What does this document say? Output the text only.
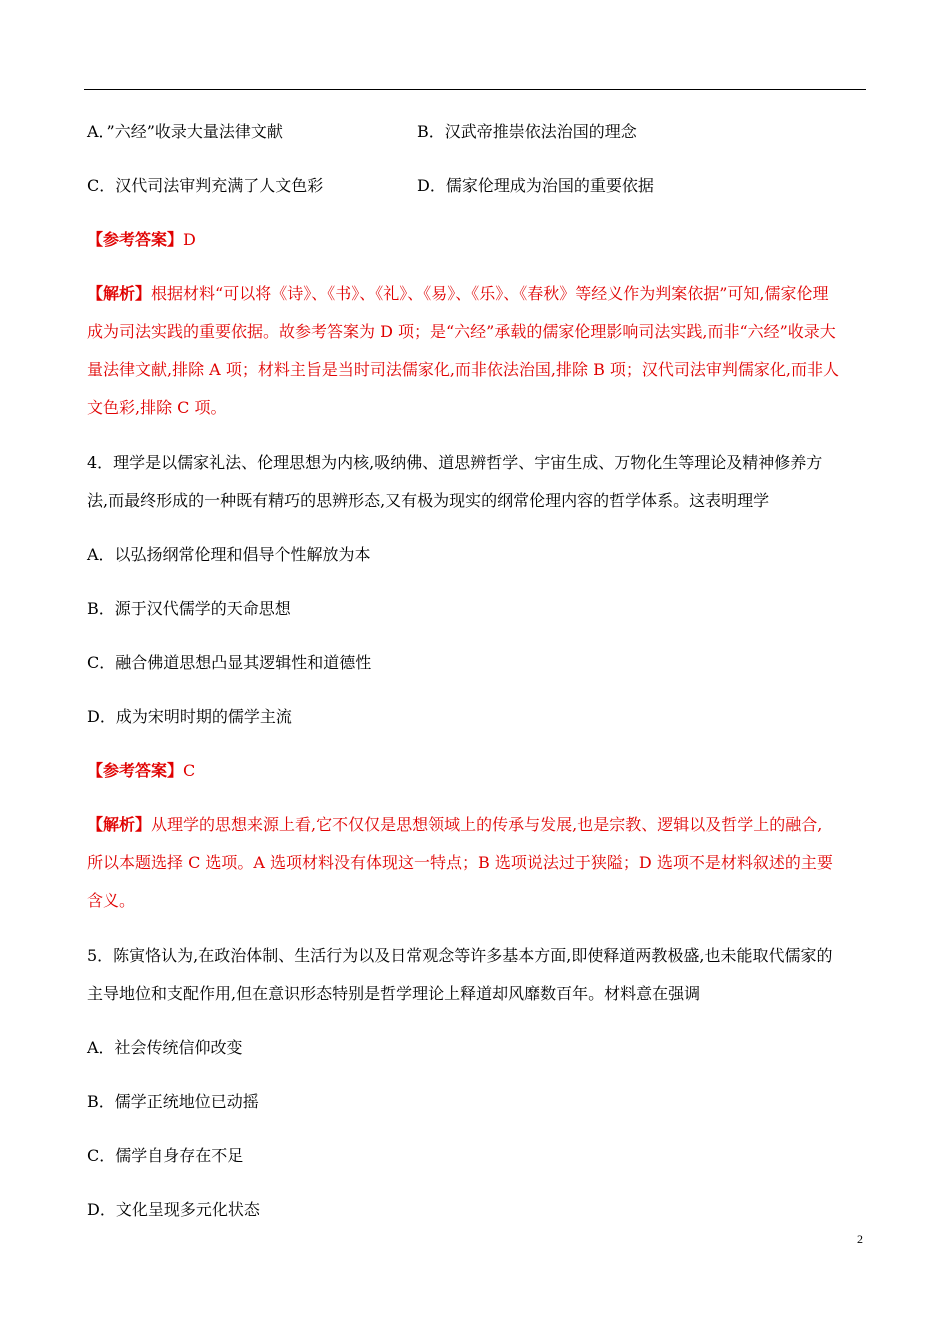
A．”六经”收录大量法律文献	B．汉武帝推崇依法治国的理念
C．汉代司法审判充满了人文色彩	D．儒家伦理成为治国的重要依据
【参考答案】D
【解析】根据材料“可以将《诗》、《书》、《礼》、《易》、《乐》、《春秋》等经义作为判案依据”可知,儒家伦理
成为司法实践的重要依据。故参考答案为 D 项；是“六经”承载的儒家伦理影响司法实践,而非“六经”收录大
量法律文献,排除 A 项；材料主旨是当时司法儒家化,而非依法治国,排除 B 项；汉代司法审判儒家化,而非人
文色彩,排除 C 项。
4．理学是以儒家礼法、伦理思想为内核,吸纳佛、道思辨哲学、宇宙生成、万物化生等理论及精神修养方
法,而最终形成的一种既有精巧的思辨形态,又有极为现实的纲常伦理内容的哲学体系。这表明理学
A．以弘扬纲常伦理和倡导个性解放为本
B．源于汉代儒学的天命思想
C．融合佛道思想凸显其逻辑性和道德性
D．成为宋明时期的儒学主流
【参考答案】C
【解析】从理学的思想来源上看,它不仅仅是思想领域上的传承与发展,也是宗教、逻辑以及哲学上的融合,
所以本题选择 C 选项。A 选项材料没有体现这一特点；B 选项说法过于狭隘；D 选项不是材料叙述的主要
含义。
5．陈寅恪认为,在政治体制、生活行为以及日常观念等许多基本方面,即使释道两教极盛,也未能取代儒家的
主导地位和支配作用,但在意识形态特别是哲学理论上释道却风靡数百年。材料意在强调
A．社会传统信仰改变
B．儒学正统地位已动摇
C．儒学自身存在不足
D．文化呈现多元化状态
2
